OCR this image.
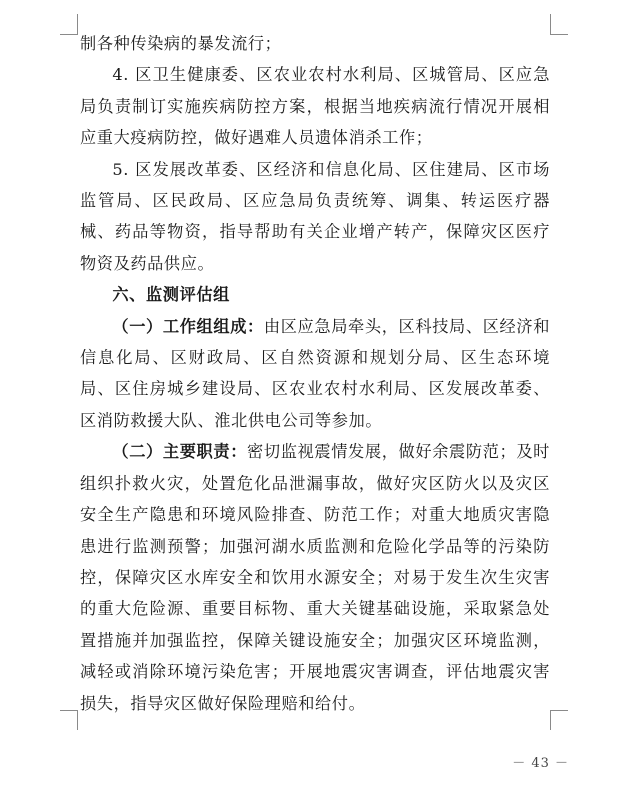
制各种传染病的暴发流行；

4. 区卫生健康委、区农业农村水利局、区城管局、区应急局负责制订实施疾病防控方案，根据当地疾病流行情况开展相应重大疫病防控，做好遇难人员遗体消杀工作；

5. 区发展改革委、区经济和信息化局、区住建局、区市场监管局、区民政局、区应急局负责统筹、调集、转运医疗器械、药品等物资，指导帮助有关企业增产转产，保障灾区医疗物资及药品供应。

六、监测评估组

（一）工作组组成：由区应急局牵头，区科技局、区经济和信息化局、区财政局、区自然资源和规划分局、区生态环境局、区住房城乡建设局、区农业农村水利局、区发展改革委、区消防救援大队、淮北供电公司等参加。

（二）主要职责：密切监视震情发展，做好余震防范；及时组织扑救火灾，处置危化品泄漏事故，做好灾区防火以及灾区安全生产隐患和环境风险排查、防范工作；对重大地质灾害隐患进行监测预警；加强河湖水质监测和危险化学品等的污染防控，保障灾区水库安全和饮用水源安全；对易于发生次生灾害的重大危险源、重要目标物、重大关键基础设施，采取紧急处置措施并加强监控，保障关键设施安全；加强灾区环境监测，减轻或消除环境污染危害；开展地震灾害调查，评估地震灾害损失，指导灾区做好保险理赔和给付。

－ 43 －
